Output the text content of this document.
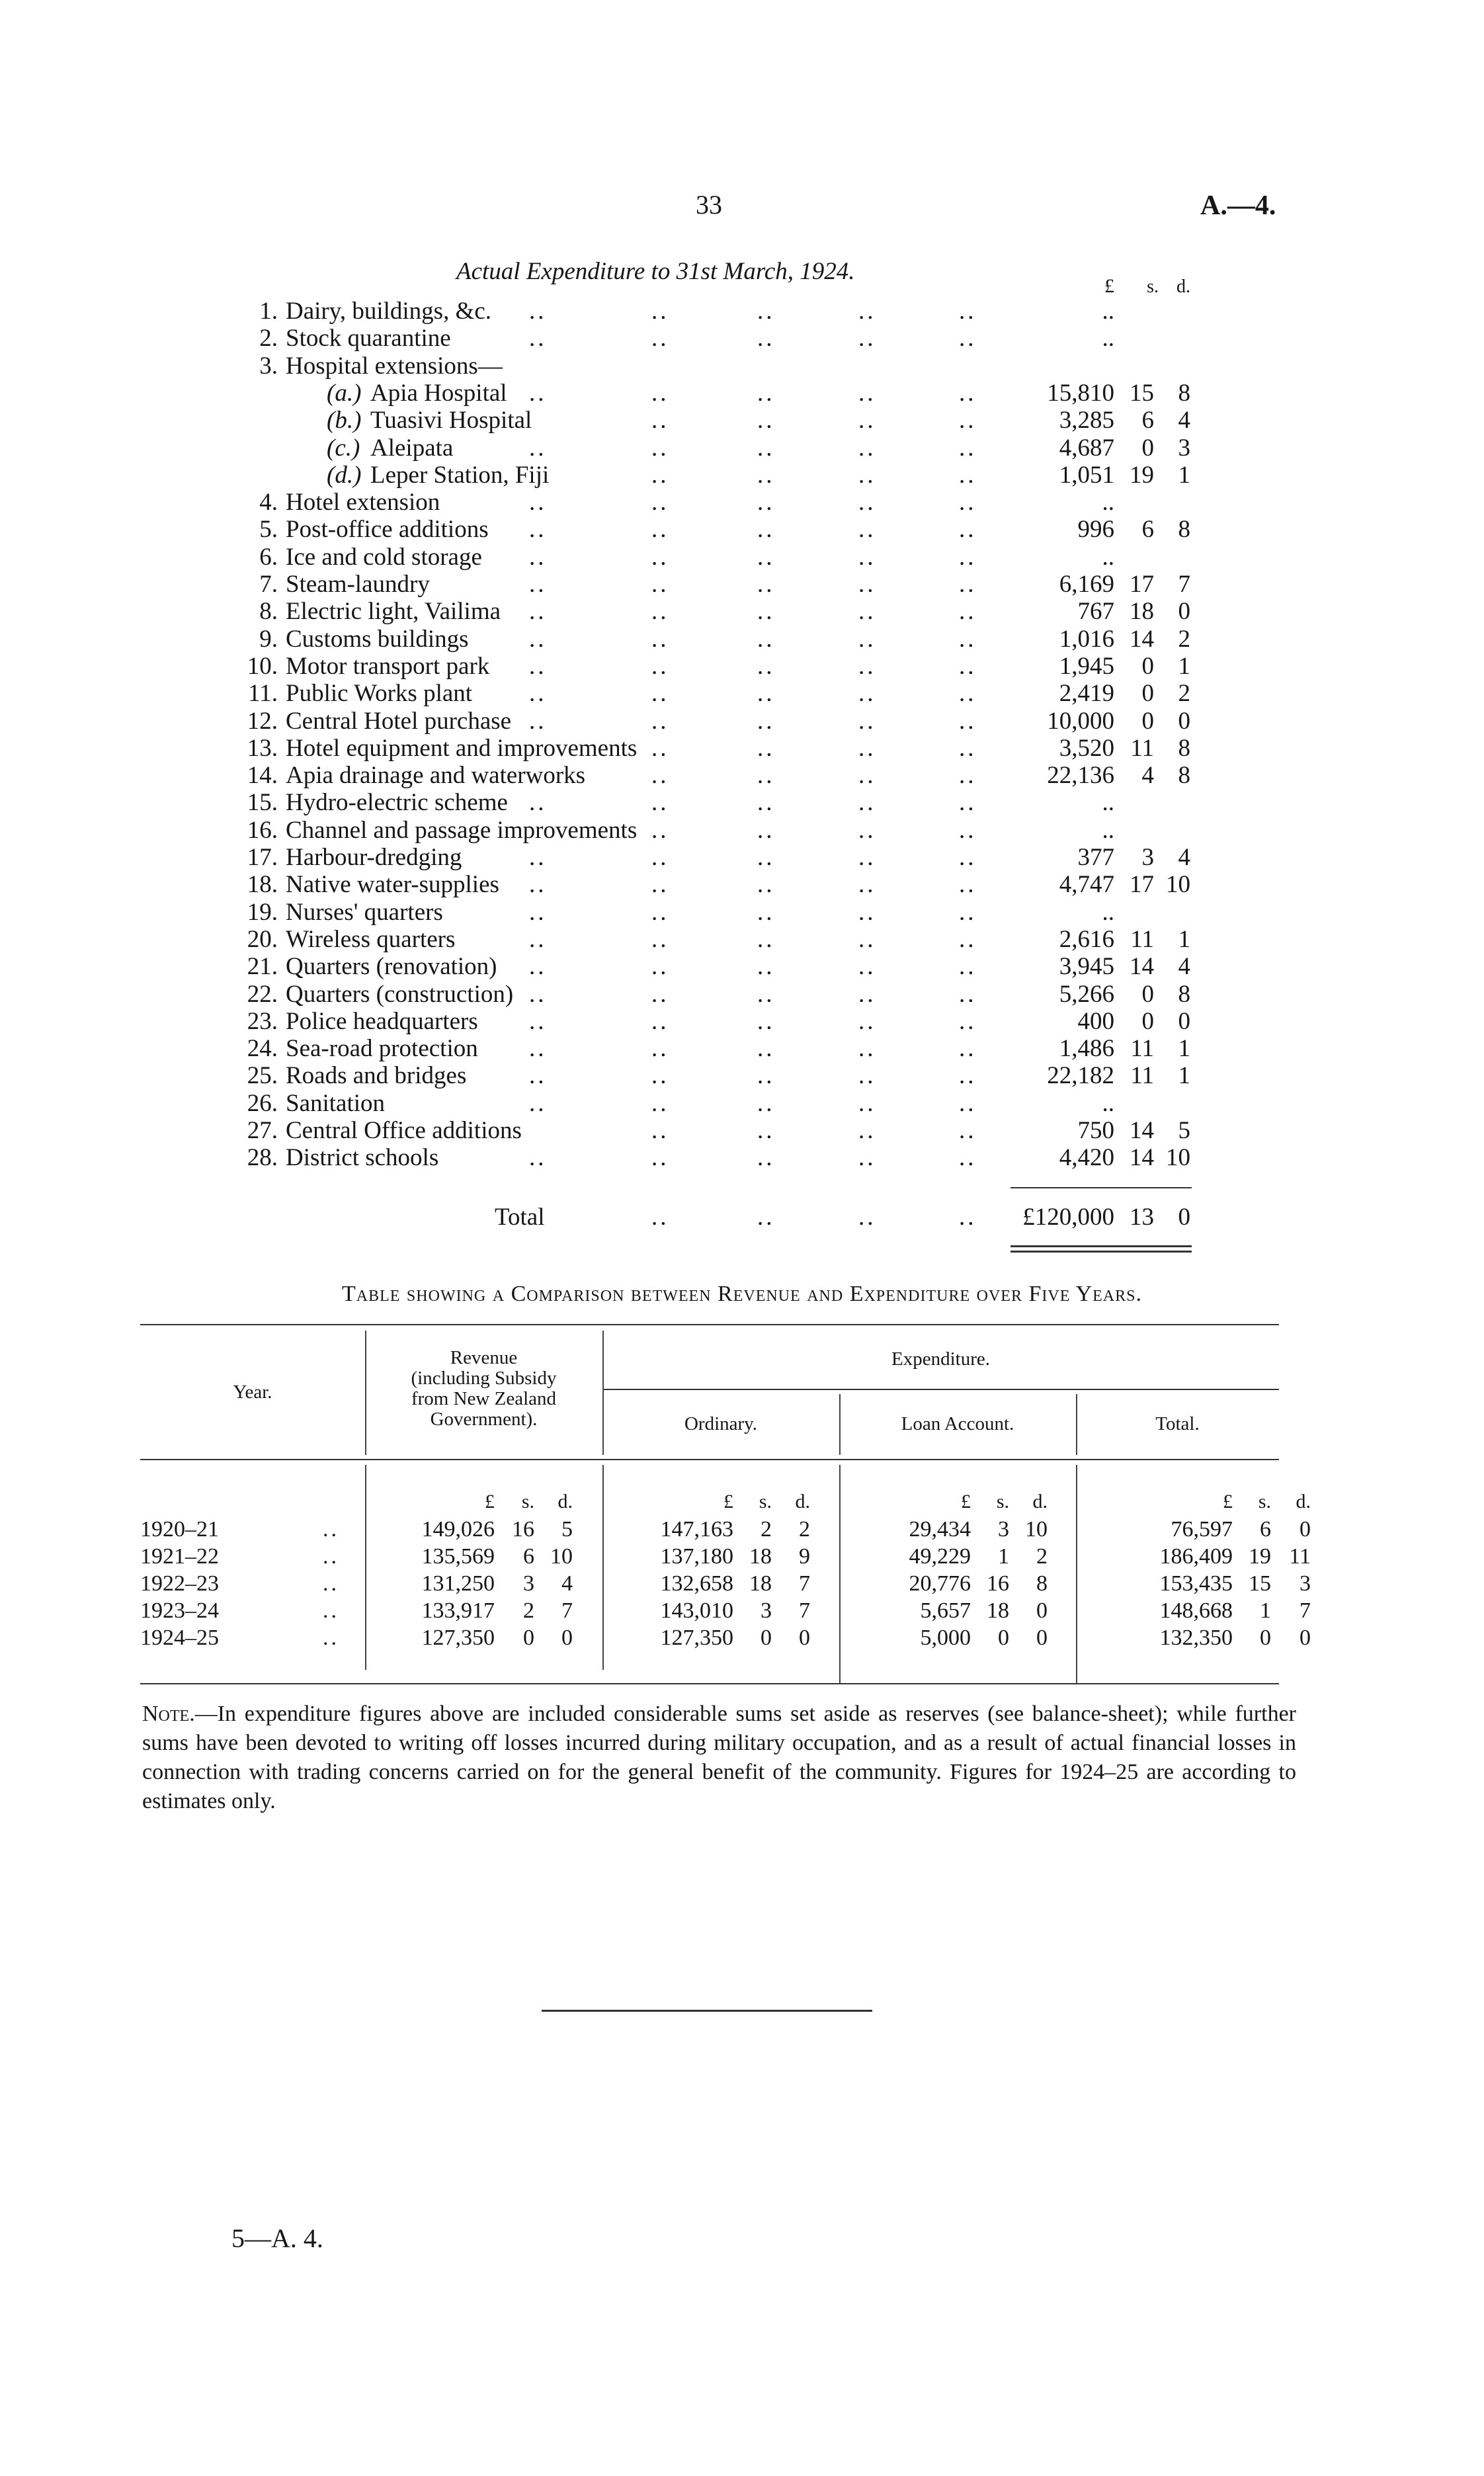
33	A.—4.
Actual Expenditure to 31st March, 1924.
£ s. d.
1. Dairy, buildings, &c. ..	..	..	..	..	..
2. Stock quarantine	..	..	..	..	..	..
3. Hospital extensions—
(a.) Apia Hospital ..	..	..	..	..	15,810 15 8
(b.) Tuasivi Hospital	..	..	..	..	3,285 6 4
(c.) Aleipata	..	..	..	..	..	4,687 0 3
(d.) Leper Station, Fiji	..	..	..	..	1,051 19 1
4. Hotel extension	..	..	..	..	..	..
5. Post-office additions ..	..	..	..	..	996 6 8
6. Ice and cold storage ..	..	..	..	..	..
7. Steam-laundry	..	..	..	..	..	6,169 17 7
8. Electric light, Vailima ..	..	..	..	..	767 18 0
9. Customs buildings ..	..	..	..	..	1,016 14 2
10. Motor transport park ..	..	..	..	..	1,945 0 1
11. Public Works plant ..	..	..	..	..	2,419 0 2
12. Central Hotel purchase ..	..	..	..	..	10,000 0 0
13. Hotel equipment and improvements ..	..	..	..	3,520 11 8
14. Apia drainage and waterworks	..	..	..	..	22,136 4 8
15. Hydro-electric scheme ..	..	..	..	..	..
16. Channel and passage improvements ..	..	..	..	..
17. Harbour-dredging	..	..	..	..	..	377 3 4
18. Native water-supplies ..	..	..	..	..	4,747 17 10
19. Nurses' quarters	..	..	..	..	..	..
20. Wireless quarters	..	..	..	..	..	2,616 11 1
21. Quarters (renovation) ..	..	..	..	..	3,945 14 4
22. Quarters (construction) ..	..	..	..	..	5,266 0 8
23. Police headquarters ..	..	..	..	..	400 0 0
24. Sea-road protection ..	..	..	..	..	1,486 11 1
25. Roads and bridges	..	..	..	..	..	22,182 11 1
26. Sanitation	..	..	..	..	..	..
27. Central Office additions	..	..	..	..	750 14 5
28. District schools	..	..	..	..	..	4,420 14 10
Total	..	..	..	.. £120,000 13 0
Table showing a Comparison between Revenue and Expenditure over Five Years.
Year.
Revenue
(including Subsidy
from New Zealand
Government).
Expenditure.
Ordinary.	Loan Account.	Total.
£ s. d.	£ s. d.	£ s. d.	£ s. d.
1920–21	..	149,026 16 5	147,163 2 2	29,434 3 10	76,597 6 0
1921–22	..	135,569 6 10	137,180 18 9	49,229 1 2	186,409 19 11
1922–23	..	131,250 3 4	132,658 18 7	20,776 16 8	153,435 15 3
1923–24	..	133,917 2 7	143,010 3 7	5,657 18 0	148,668 1 7
1924–25	..	127,350 0 0	127,350 0 0	5,000 0 0	132,350 0 0
Note.—In expenditure figures above are included considerable sums set aside as reserves (see balance-sheet); while further sums have been devoted to writing off losses incurred during military occupation, and as a result of actual financial losses in connection with trading concerns carried on for the general benefit of the community. Figures for 1924–25 are according to estimates only.
5—A. 4.
